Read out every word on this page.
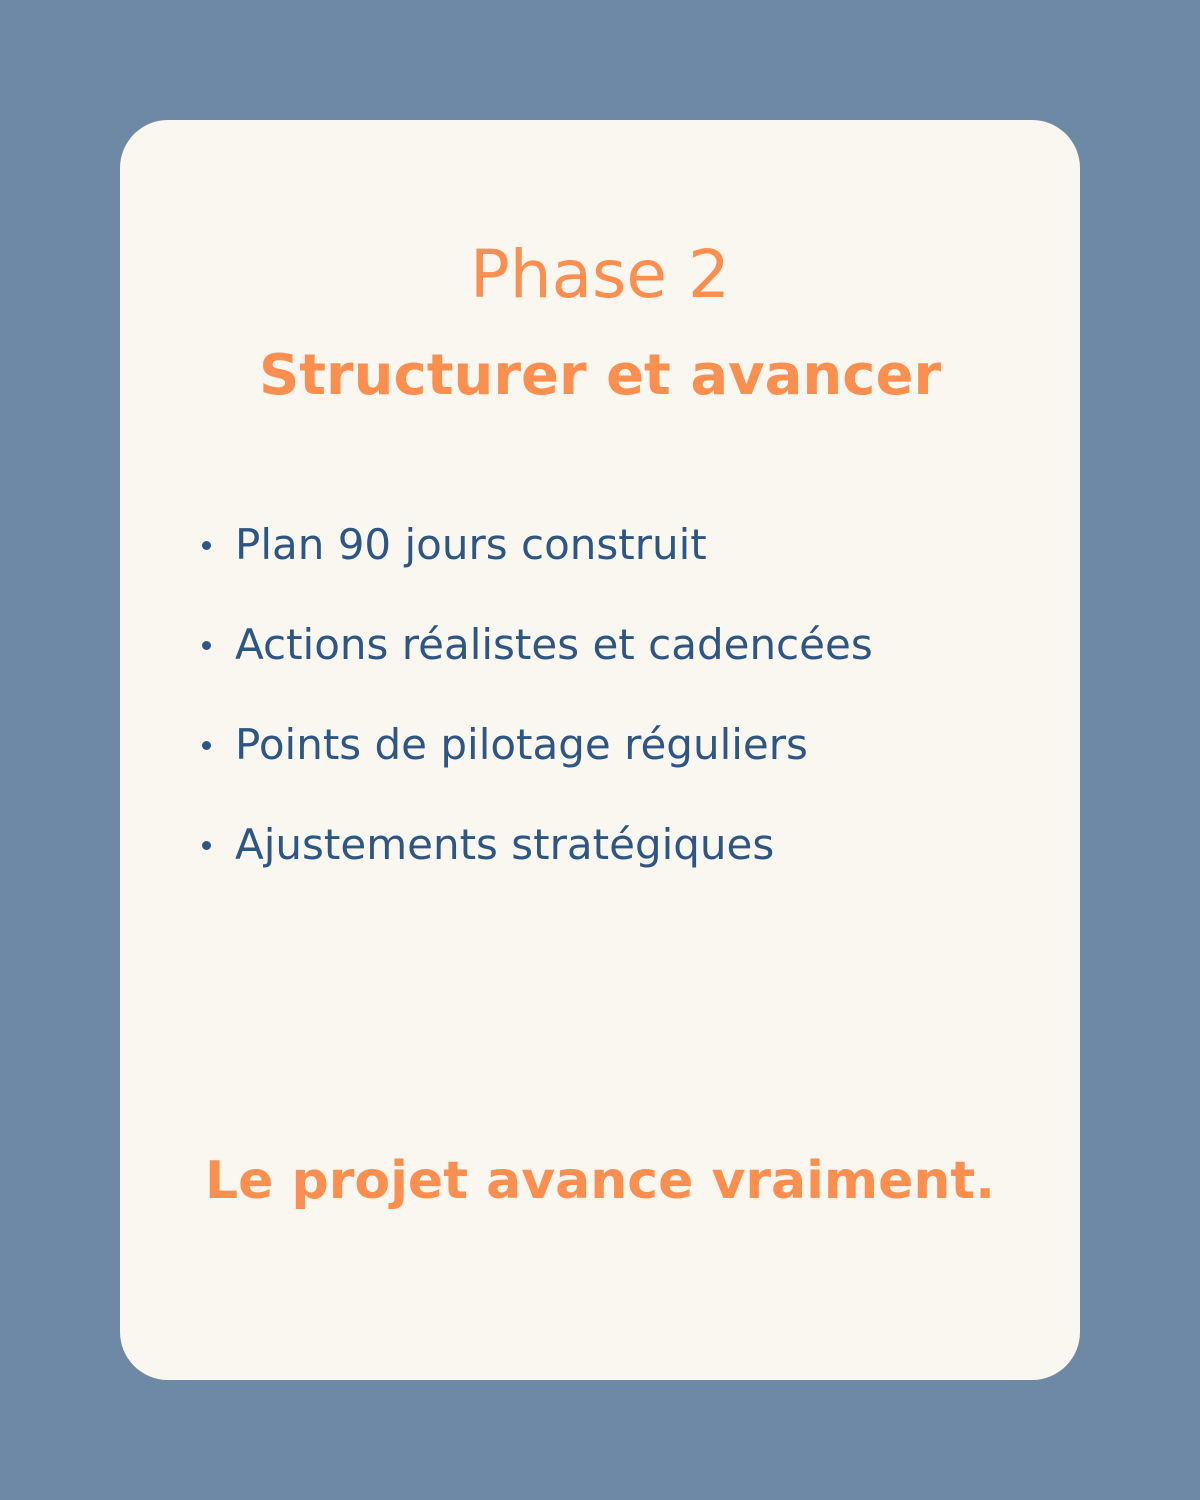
Phase 2
Structurer et avancer
Plan 90 jours construit
Actions réalistes et cadencées
Points de pilotage réguliers
Ajustements stratégiques
Le projet avance vraiment.
